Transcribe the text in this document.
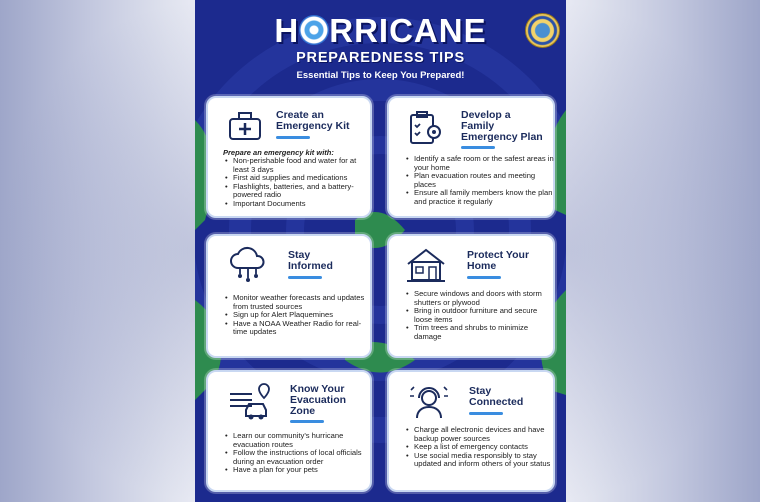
H RRICANE
PREPAREDNESS TIPS
Essential Tips to Keep You Prepared!
Create an
Emergency Kit
Prepare an emergency kit with:
• Non-perishable food and water for at least 3 days
• First aid supplies and medications
• Flashlights, batteries, and a battery-powered radio
• Important Documents
Develop a
Family
Emergency Plan
• Identify a safe room or the safest areas in your home
• Plan evacuation routes and meeting places
• Ensure all family members know the plan and practice it regularly
Stay
Informed
• Monitor weather forecasts and updates from trusted sources
• Sign up for Alert Plaquemines
• Have a NOAA Weather Radio for real-time updates
Protect Your
Home
• Secure windows and doors with storm shutters or plywood
• Bring in outdoor furniture and secure loose items
• Trim trees and shrubs to minimize damage
Know Your
Evacuation
Zone
• Learn our community's hurricane evacuation routes
• Follow the instructions of local officials during an evacuation order
• Have a plan for your pets
Stay
Connected
• Charge all electronic devices and have backup power sources
• Keep a list of emergency contacts
• Use social media responsibly to stay updated and inform others of your status
